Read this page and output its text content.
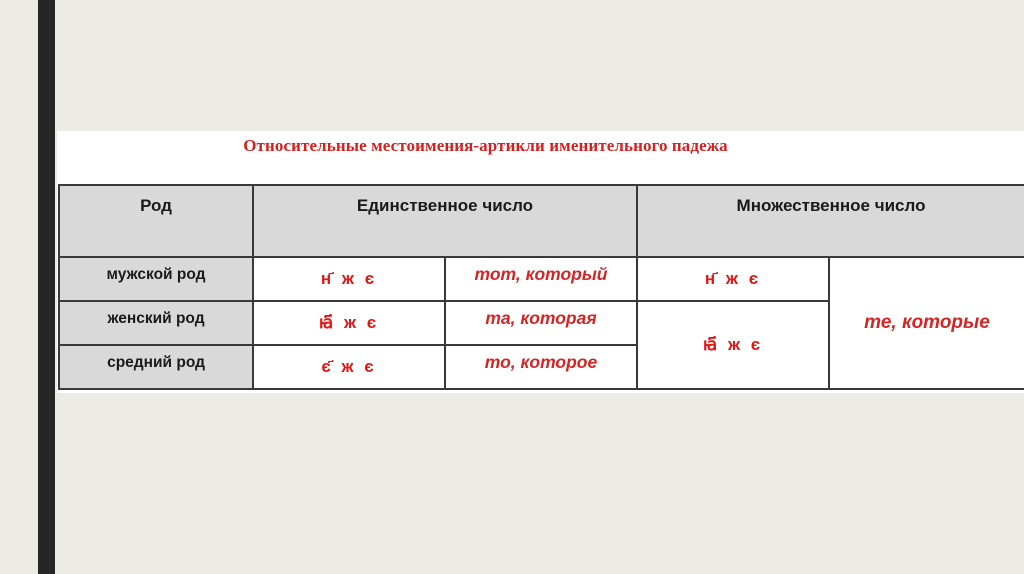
Относительные местоимения-артикли именительного падежа
Род	Единственное число		Множественное число	
мужской род	н҃ ж є	тот, который	н҃ ж є	те, которые
женский род	ꙗ҃ ж є	та, которая	ꙗ҃ ж є	
средний род	є҃ ж є	то, которое		
